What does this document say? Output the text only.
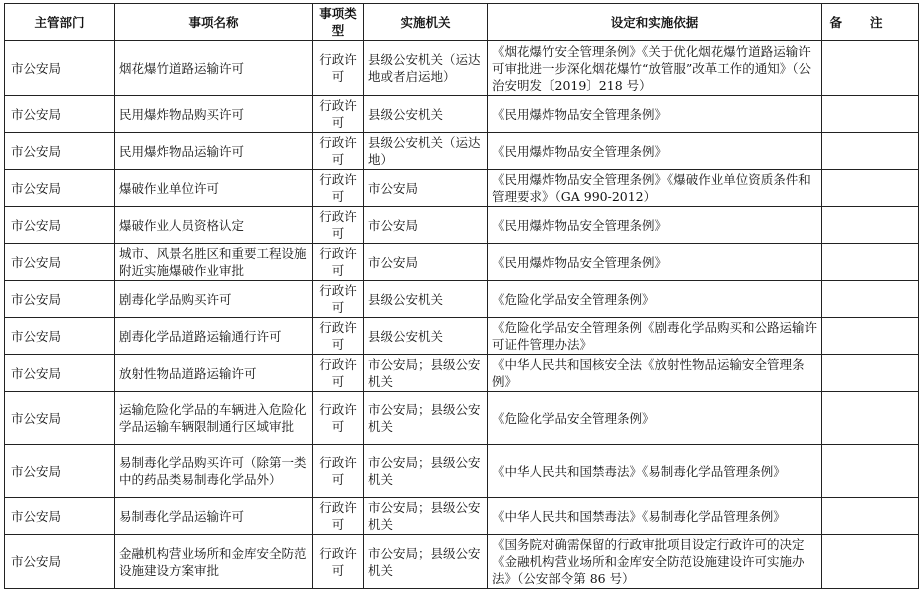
主管部门	事项名称	事项类型	实施机关	设定和实施依据	备注
市公安局	烟花爆竹道路运输许可	行政许可	县级公安机关（运达地或者启运地）	《烟花爆竹安全管理条例》《关于优化烟花爆竹道路运输许可审批进一步深化烟花爆竹“放管服”改革工作的通知》（公治安明发〔2019〕218 号）	
市公安局	民用爆炸物品购买许可	行政许可	县级公安机关	《民用爆炸物品安全管理条例》	
市公安局	民用爆炸物品运输许可	行政许可	县级公安机关（运达地）	《民用爆炸物品安全管理条例》	
市公安局	爆破作业单位许可	行政许可	市公安局	《民用爆炸物品安全管理条例》《爆破作业单位资质条件和管理要求》（GA 990-2012）	
市公安局	爆破作业人员资格认定	行政许可	市公安局	《民用爆炸物品安全管理条例》	
市公安局	城市、风景名胜区和重要工程设施附近实施爆破作业审批	行政许可	市公安局	《民用爆炸物品安全管理条例》	
市公安局	剧毒化学品购买许可	行政许可	县级公安机关	《危险化学品安全管理条例》	
市公安局	剧毒化学品道路运输通行许可	行政许可	县级公安机关	《危险化学品安全管理条例《剧毒化学品购买和公路运输许可证件管理办法》	
市公安局	放射性物品道路运输许可	行政许可	市公安局；县级公安机关	《中华人民共和国核安全法《放射性物品运输安全管理条例》	
市公安局	运输危险化学品的车辆进入危险化学品运输车辆限制通行区域审批	行政许可	市公安局；县级公安机关	《危险化学品安全管理条例》	
市公安局	易制毒化学品购买许可（除第一类中的药品类易制毒化学品外）	行政许可	市公安局；县级公安机关	《中华人民共和国禁毒法》《易制毒化学品管理条例》	
市公安局	易制毒化学品运输许可	行政许可	市公安局；县级公安机关	《中华人民共和国禁毒法》《易制毒化学品管理条例》	
市公安局	金融机构营业场所和金库安全防范设施建设方案审批	行政许可	市公安局；县级公安机关	《国务院对确需保留的行政审批项目设定行政许可的决定《金融机构营业场所和金库安全防范设施建设许可实施办法》（公安部令第 86 号）	
